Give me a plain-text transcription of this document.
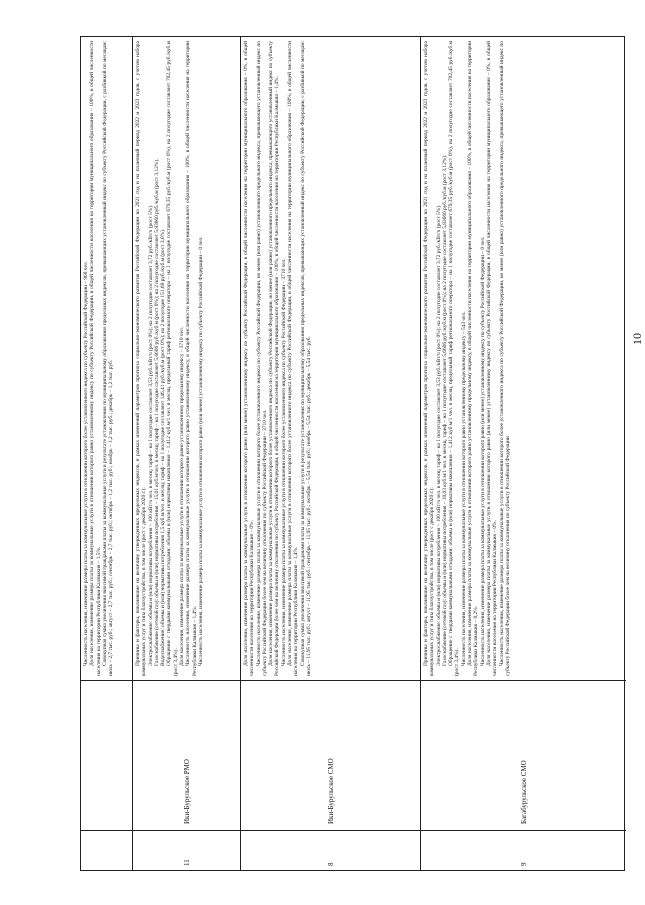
Численность населения, изменение размера платы за коммунальные услуги в отношении которого более установленного индекса по субъекту Российской Федерации – 968 чел. Доля населения, изменение размера платы за коммунальные услуги в отношении которого равно установленному индексу по субъекту Российской Федерации, в общей численности населения на территории муниципального образования – 100%, в общей численности населения на территории Республики Калмыкия – 1,5%. Совокупная сумма увеличения вносимой гражданами платы за коммунальные услуги в результате установления по муниципальному образованию предельных индексов, превышающих установленный индекс по субъекту Российской Федерации, с разбивкой по месяцам: июль – 2,7 тыс. руб.; август – 2,7 тыс. руб.; сентябрь – 2,7 тыс. руб.; октябрь – 1,2 тыс. руб.; ноябрь – 1,2 тыс. руб.; декабрь – 1,2 тыс. руб.

11
Ики-Бурульское РМО

Причины и факторы, повлиявшие на величину утвержденных предельных индексов, в рамках изменений параметров прогноза социально-экономического развития Российской Федерации на 2021 год и на плановый период 2022 и 2023 годов, с учетом набора коммунальных услуг и типа благоустройства, в том числе (рост с декабря 2020 г.): Электроснабжение: объемы и (или) нормативы потребления – 100 кВт/ч чел. в месяц; тариф – на 1 полугодие составляет 3,53 руб./кВт/ч (рост 0%); на 2 полугодие составляет 3,72 руб./кВт/ч (рост 5%). Газоснабжение (сетевой газ): объемы и (или) нормативы потребления – 15,01 куб.м/чел. в месяц; тариф – на 1 полугодие составляет 5,6606 руб./куб.м (рост 0%); на 2 полугодие составляет 5,83660 руб./куб.м (рост 3,12%). Водоснабжение: объемы и (или) нормативы потребления 1,5 куб.м/чел. в месяц; тариф – на 1 полугодие составляет 146,41 руб./куб.м (рост 0%); на 2 полугодие 151,68 руб./куб.м (рост 3,6%). Обращение с твердыми коммунальными отходами: объемы и (или) нормативы накопления – 1,412 куб.м/1 чел. в месяц, предельный тариф регионального оператора – на 1 полугодие составляет 679,35 руб./куб.м (рост 0%), на 2 полугодие составляет 702,45 руб./куб.м (рост 3,4%). Доля населения, изменение размера платы за коммунальные услуги в отношении которого равно установленному предельному индексу – 3710 чел. Численность населения, изменение размера платы за коммунальные услуги в отношении которого равно установленному индексу, в общей численности населения на территории муниципального образования – 100%, в общей численности населения на территории Республики Калмыкия – 1,4%. Численность населения, изменение размера платы за коммунальные услуги в отношении которого равно (или менее) установленному индексу по субъекту Российской Федерации – 0 чел.

8
Ики-Бурульское СМО

Доля населения, изменение размера платы за коммунальные услуги в отношении которого равно (или менее) установленному индексу по субъекту Российской Федерации, в общей численности населения на территории муниципального образования – 0%, в общей численности населения на территории Республики Калмыкия – 0%. Численность населения, изменение размера платы за коммунальные услуги в отношении которого более установленного индекса по субъекту Российской Федерации, но менее (или равно) установленного предельного индекса, превышающего установленный индекс по субъекту Российской Федерации более чем на величину отклонения по субъекту Российской Федерации – 3710 чел. Доля населения, изменение размера платы за коммунальные услуги в отношении которого более установленного индекса по субъекту Российской Федерации, но менее (или равно) установленного предельного индекса, превышающего установленный индекс по субъекту Российской Федерации более чем на величину отклонения по субъекту Российской Федерации, в общей численности населения на территории муниципального образования – 100%, в общей численности населения на территории Республики Калмыкия – 1,4%. Численность населения, изменение размера платы за коммунальные услуги в отношении которого более установленного индекса по субъекту Российской Федерации – 3710 чел. Доля населения, изменение размера платы за коммунальные услуги в отношении которого более установленного индекса по субъекту Российской Федерации, в общей численности населения на территории муниципального образования – 100%, в общей численности населения на территории Республики Калмыкия – 1,4%. Совокупная сумма увеличения вносимой гражданами платы за коммунальные услуги в результате установления по муниципальному образованию предельных индексов, превышающих установленный индекс по субъекту Российской Федерации, с разбивкой по месяцам: июль – 11,95 тыс. руб.; август – 11,95 тыс. руб.; сентябрь – 11,95 тыс. руб.; октябрь – 5,54 тыс. руб.; ноябрь – 5,54 тыс. руб.; декабрь – 5,54 тыс. руб.

9
Багабурульское СМО

Причины и факторы, повлиявшие на величину утвержденных предельных индексов, в рамках изменений параметров прогноза социально-экономического развития Российской Федерации на 2021 год и на плановый период 2022 и 2023 годов, с учетом набора коммунальных услуг и типа благоустройства, в том числе (рост с декабря 2020 г.): Электроснабжение: объемы и (или) нормативы потребления – 100 кВт/ч чел. в месяц; тариф – на 1 полугодие составляет 3,53 руб./кВт/ч (рост 0%); на 2 полугодие составляет 3,72 руб./кВт/ч (рост 5%). Газоснабжение (сетевой газ): объемы и (или) нормативы потребления – 10,03 куб.м/1 чел. в месяц, тариф – на 1 полугодие составляет 5,6606 руб./куб.м (рост 0%); на 2 полугодие составляет 5,83660 руб./куб.м (рост 3,12%). Обращение с твердыми коммунальными отходами: объемы и (или) нормативы накопления – 1,412 куб.м/1 чел. в месяц, предельный тариф регионального оператора – на 1 полугодие составляет 679,35 руб./куб.м (рост 0%), на 2 полугодие составляет 702,45 руб./куб.м (рост 3,4%). Численность населения, изменение размера платы за коммунальные услуги в отношении которого равно установленному предельному индексу – 543 чел. Доля населения, изменение размера платы за коммунальные услуги в отношении которого равно установленному предельному индексу, в общей численности населения на территории муниципального образования – 100%, в общей численности населения на территории Республики Калмыкия – 0,2%. Численность населения, изменение размера платы за коммунальные услуги в отношении которого равно (или менее) установленному индексу по субъекту Российской Федерации – 0 чел. Доля населения, изменение размера платы за коммунальные услуги в отношении которого равно (или менее) установленному индексу по субъекту Российской Федерации, в общей численности населения на территории муниципального образования – 0%, в общей численности населения на территории Республики Калмыкия – 0%. Численность населения, изменение размера платы за коммунальные услуги в отношении которого более установленного индекса по субъекту Российской Федерации, но менее (или равно) установленного предельного индекса, превышающего установленный индекс по субъекту Российской Федерации более чем на величину отклонения по субъекту Российской Федерации

10
